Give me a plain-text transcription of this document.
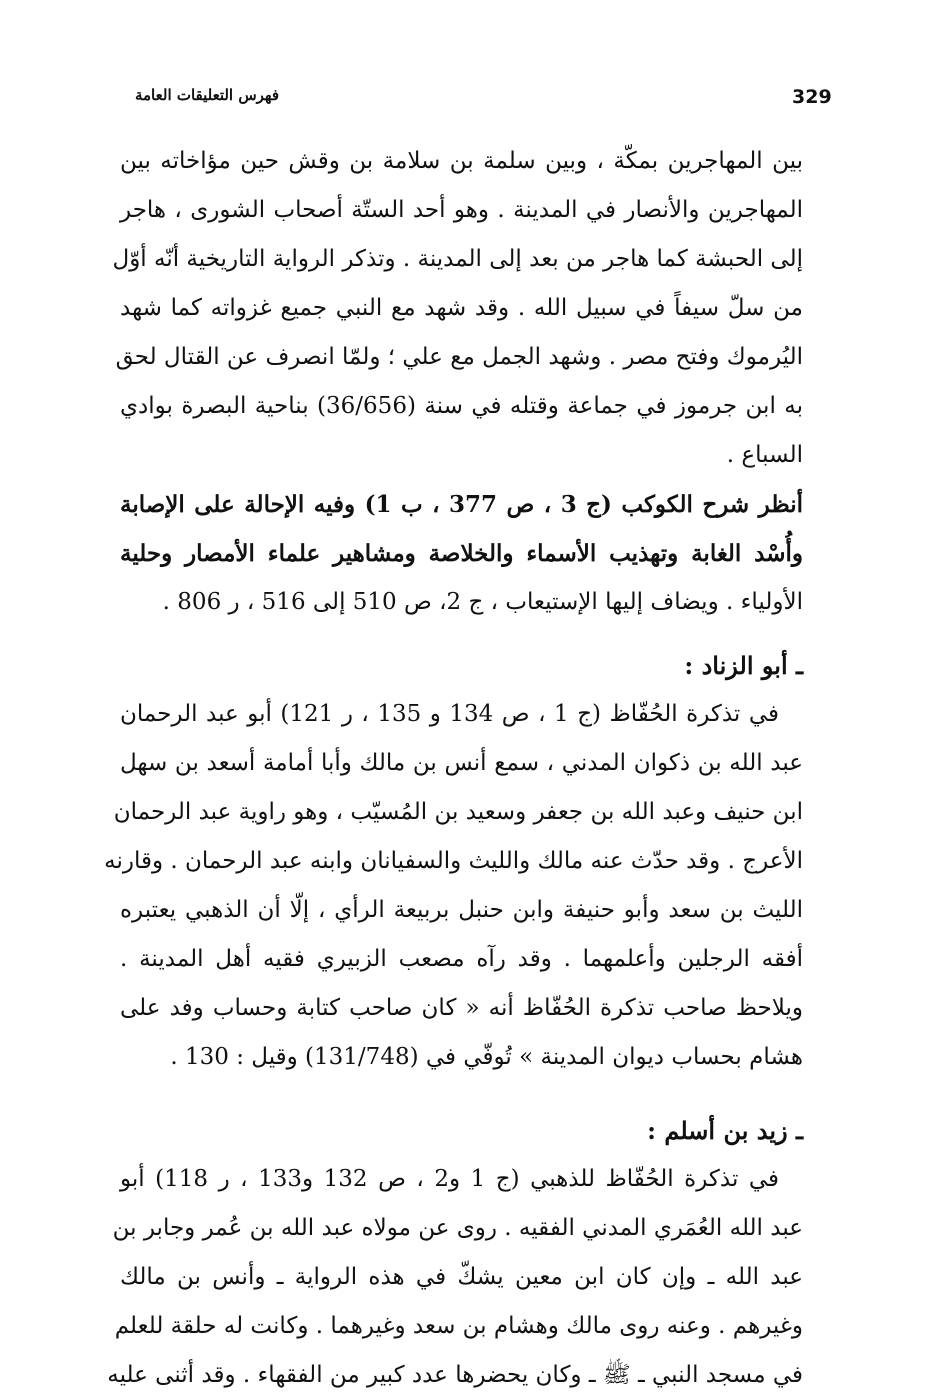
329
فهرس التعليقات العامة
بين المهاجرين بمكّة ، وبين سلمة بن سلامة بن وقش حين مؤاخاته بين
المهاجرين والأنصار في المدينة . وهو أحد الستّة أصحاب الشورى ، هاجر
إلى الحبشة كما هاجر من بعد إلى المدينة . وتذكر الرواية التاريخية أنّه أوّل
من سلّ سيفاً في سبيل الله . وقد شهد مع النبي جميع غزواته كما شهد
اليُرموك وفتح مصر . وشهد الجمل مع علي ؛ ولمّا انصرف عن القتال لحق
به ابن جرموز في جماعة وقتله في سنة (36/656) بناحية البصرة بوادي
السباع .
أنظر شرح الكوكب (ج 3 ، ص 377 ، ب 1) وفيه الإحالة على الإصابة
وأُسْد الغابة وتهذيب الأسماء والخلاصة ومشاهير علماء الأمصار وحلية
الأولياء . ويضاف إليها الإستيعاب ، ج 2، ص 510 إلى 516 ، ر 806 .
ـ أبو الزناد :
في تذكرة الحُفّاظ (ج 1 ، ص 134 و 135 ، ر 121) أبو عبد الرحمان
عبد الله بن ذكوان المدني ، سمع أنس بن مالك وأبا أمامة أسعد بن سهل
ابن حنيف وعبد الله بن جعفر وسعيد بن المُسيّب ، وهو راوية عبد الرحمان
الأعرج . وقد حدّث عنه مالك والليث والسفيانان وابنه عبد الرحمان . وقارنه
الليث بن سعد وأبو حنيفة وابن حنبل بربيعة الرأي ، إلّا أن الذهبي يعتبره
أفقه الرجلين وأعلمهما . وقد رآه مصعب الزبيري فقيه أهل المدينة .
ويلاحظ صاحب تذكرة الحُفّاظ أنه « كان صاحب كتابة وحساب وفد على
هشام بحساب ديوان المدينة » تُوفّي في (131/748) وقيل : 130 .
ـ زيد بن أسلم :
في تذكرة الحُفّاظ للذهبي (ج 1 و2 ، ص 132 و133 ، ر 118) أبو
عبد الله العُمَري المدني الفقيه . روى عن مولاه عبد الله بن عُمر وجابر بن
عبد الله ـ وإن كان ابن معين يشكّ في هذه الرواية ـ وأنس بن مالك
وغيرهم . وعنه روى مالك وهشام بن سعد وغيرهما . وكانت له حلقة للعلم
في مسجد النبي ـ ﷺ ـ وكان يحضرها عدد كبير من الفقهاء . وقد أثنى عليه
